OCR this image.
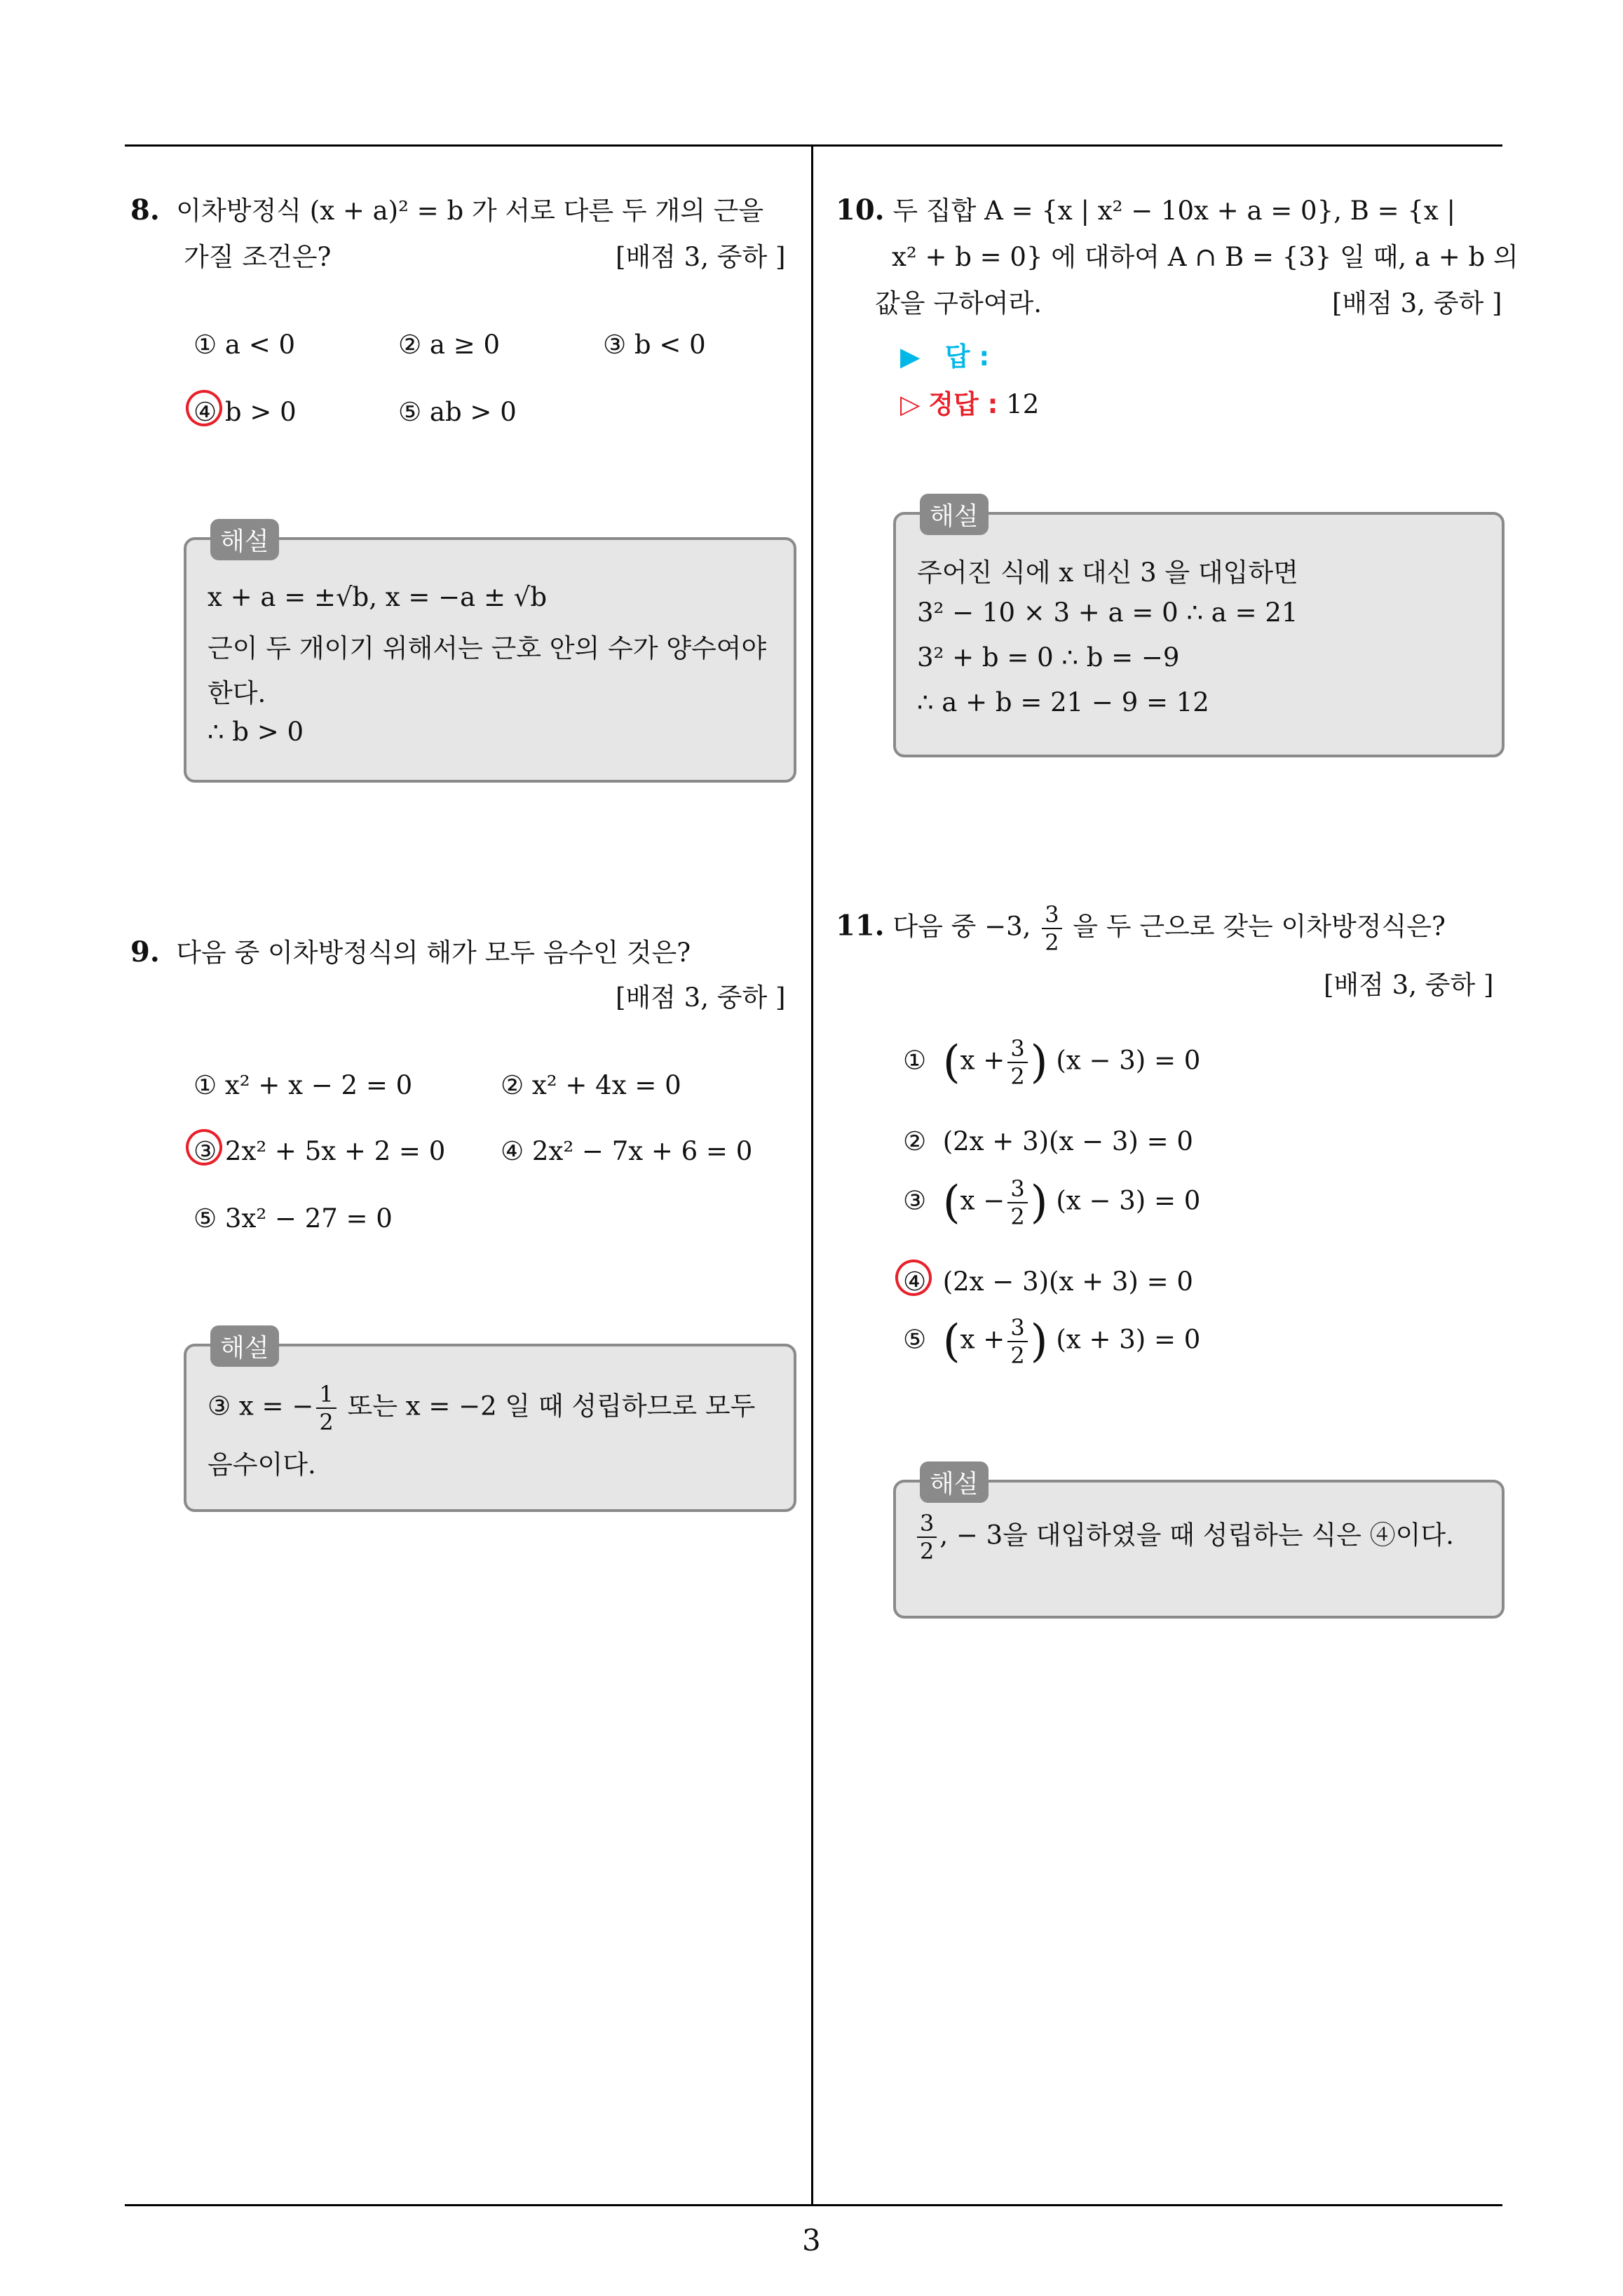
8. 이차방정식 (x + a)² = b 가 서로 다른 두 개의 근을
가질 조건은?	[배점 3, 중하 ]
① a < 0	② a ≥ 0	③ b < 0
④ b > 0	⑤ ab > 0
x + a = ±√b, x = −a ± √b
근이 두 개이기 위해서는 근호 안의 수가 양수여야
한다.
∴ b > 0
해설
9. 다음 중 이차방정식의 해가 모두 음수인 것은?
[배점 3, 중하 ]
① x² + x − 2 = 0	② x² + 4x = 0
③ 2x² + 5x + 2 = 0 ④ 2x² − 7x + 6 = 0
⑤ 3x² − 27 = 0
③ x = − $\frac{1}{2}$ 또는 x = −2 일 때 성립하므로 모두
음수이다.
해설
10. 두 집합 A = {x | x² − 10x + a = 0}, B = {x |
x² + b = 0} 에 대하여 A ∩ B = {3} 일 때, a + b 의
값을 구하여라.	[배점 3, 중하 ]
▶ 답 :
▷ 정답 : 12
주어진 식에 x 대신 3 을 대입하면
3² − 10 × 3 + a = 0 ∴ a = 21
3² + b = 0 ∴ b = −9
∴ a + b = 21 − 9 = 12
해설
11. 다음 중 −3, $\frac{3}{2}$ 을 두 근으로 갖는 이차방정식은?
[배점 3, 중하 ]
① ($x + \frac{3}{2}$ ) (x − 3) = 0
② (2x + 3)(x − 3) = 0
③ ($x - \frac{3}{2}$ ) (x − 3) = 0
④ (2x − 3)(x + 3) = 0
⑤ ($x + \frac{3}{2}$ ) (x + 3) = 0
$\frac{3}{2}$ , − 3을 대입하였을 때 성립하는 식은 ④이다.
해설
3
